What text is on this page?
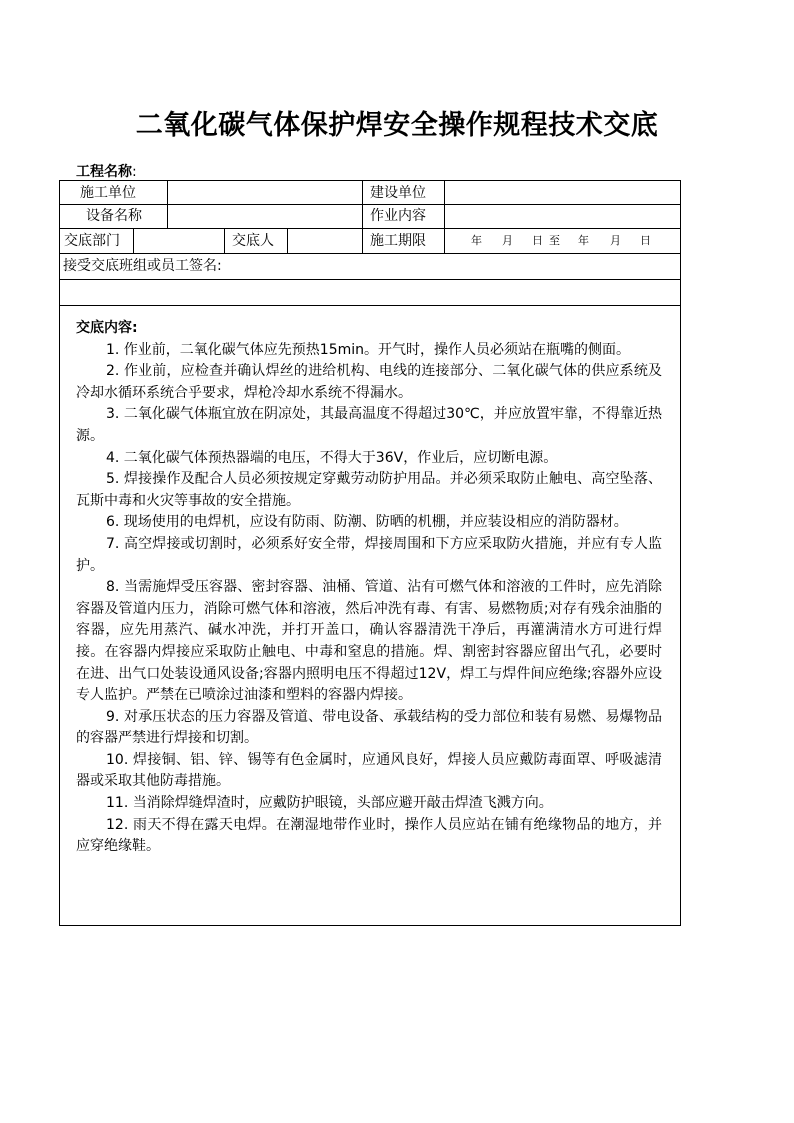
二氧化碳气体保护焊安全操作规程技术交底
工程名称:
施工单位	建设单位
设备名称	作业内容
交底部门	交底人	施工期限	年 月 日 至 年 月 日
接受交底班组或员工签名:
交底内容:

1. 作业前，二氧化碳气体应先预热15min。开气时，操作人员必须站在瓶嘴的侧面。

2. 作业前，应检查并确认焊丝的进给机构、电线的连接部分、二氧化碳气体的供应系统及冷却水循环系统合乎要求，焊枪冷却水系统不得漏水。

3. 二氧化碳气体瓶宜放在阴凉处，其最高温度不得超过30℃，并应放置牢靠，不得靠近热源。

4. 二氧化碳气体预热器端的电压，不得大于36V，作业后，应切断电源。

5. 焊接操作及配合人员必须按规定穿戴劳动防护用品。并必须采取防止触电、高空坠落、瓦斯中毒和火灾等事故的安全措施。

6. 现场使用的电焊机，应设有防雨、防潮、防晒的机棚，并应装设相应的消防器材。

7. 高空焊接或切割时，必须系好安全带，焊接周围和下方应采取防火措施，并应有专人监护。

8. 当需施焊受压容器、密封容器、油桶、管道、沾有可燃气体和溶液的工件时，应先消除容器及管道内压力，消除可燃气体和溶液，然后冲洗有毒、有害、易燃物质;对存有残余油脂的容器，应先用蒸汽、碱水冲洗，并打开盖口，确认容器清洗干净后，再灌满清水方可进行焊接。在容器内焊接应采取防止触电、中毒和窒息的措施。焊、割密封容器应留出气孔，必要时在进、出气口处装设通风设备;容器内照明电压不得超过12V，焊工与焊件间应绝缘;容器外应设专人监护。严禁在已喷涂过油漆和塑料的容器内焊接。

9. 对承压状态的压力容器及管道、带电设备、承载结构的受力部位和装有易燃、易爆物品的容器严禁进行焊接和切割。

10. 焊接铜、铝、锌、锡等有色金属时，应通风良好，焊接人员应戴防毒面罩、呼吸滤清器或采取其他防毒措施。

11. 当消除焊缝焊渣时，应戴防护眼镜，头部应避开敲击焊渣飞溅方向。

12. 雨天不得在露天电焊。在潮湿地带作业时，操作人员应站在铺有绝缘物品的地方，并应穿绝缘鞋。
